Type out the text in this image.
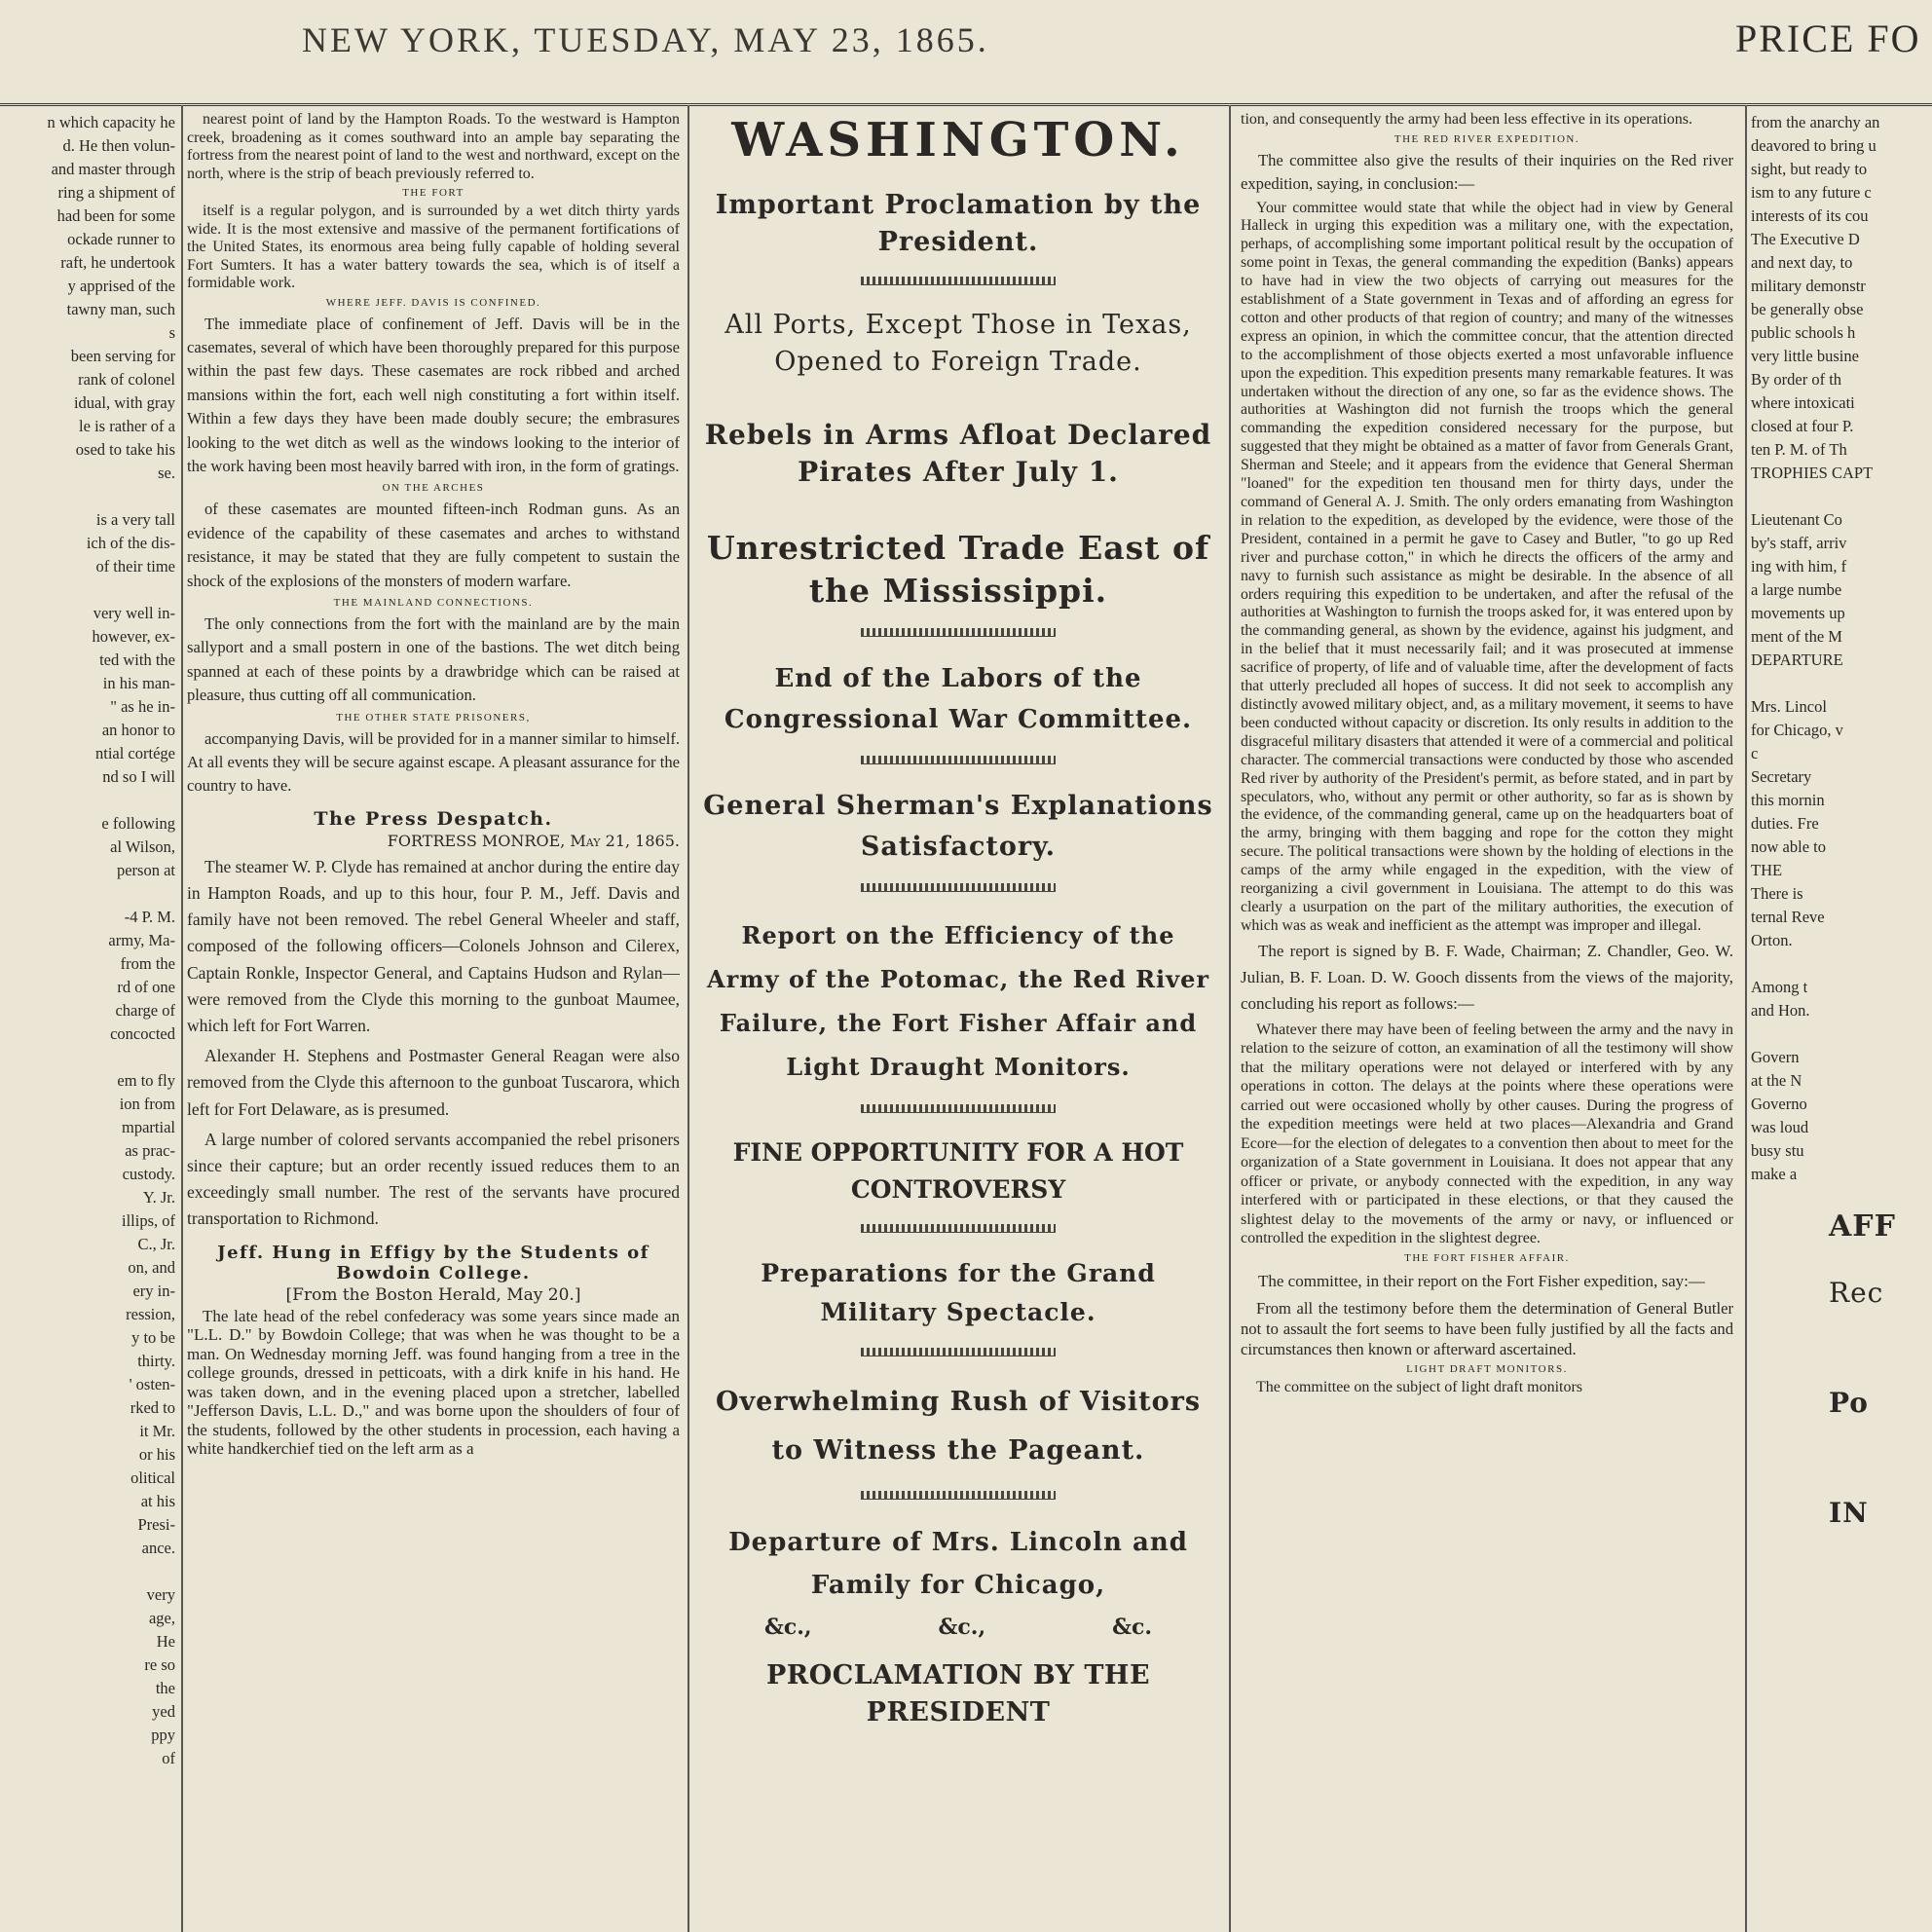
NEW YORK, TUESDAY, MAY 23, 1865.	PRICE FO

n which capacity he

d. He then volun-

and master through

ring a shipment of

had been for some

ockade runner to

raft, he undertook

y apprised of the

tawny man, such

s

been serving for

rank of colonel

idual, with gray

le is rather of a

osed to take his

se.

is a very tall

ich of the dis-

of their time

very well in-

however, ex-

ted with the

in his man-

" as he in-

an honor to

ntial cortége

nd so I will

e following

al Wilson,

person at

-4 P. M.

army, Ma-

from the

rd of one

charge of

concocted

em to fly

ion from

mpartial

as prac-

custody.

Y. Jr.

illips, of

C., Jr.

on, and

ery in-

ression,

y to be

thirty.

' osten-

rked to

it Mr.

or his

olitical

at his

Presi-

ance.

very

age,

He

re so

the

yed

ppy

of

nearest point of land by the Hampton Roads. To the westward is Hampton creek, broadening as it comes southward into an ample bay separating the fortress from the nearest point of land to the west and northward, except on the north, where is the strip of beach previously referred to.

THE FORT

itself is a regular polygon, and is surrounded by a wet ditch thirty yards wide. It is the most extensive and massive of the permanent fortifications of the United States, its enormous area being fully capable of holding several Fort Sumters. It has a water battery towards the sea, which is of itself a formidable work.

WHERE JEFF. DAVIS IS CONFINED.

The immediate place of confinement of Jeff. Davis will be in the casemates, several of which have been thoroughly prepared for this purpose within the past few days. These casemates are rock ribbed and arched mansions within the fort, each well nigh constituting a fort within itself. Within a few days they have been made doubly secure; the embrasures looking to the wet ditch as well as the windows looking to the interior of the work having been most heavily barred with iron, in the form of gratings.

ON THE ARCHES

of these casemates are mounted fifteen-inch Rodman guns. As an evidence of the capability of these casemates and arches to withstand resistance, it may be stated that they are fully competent to sustain the shock of the explosions of the monsters of modern warfare.

THE MAINLAND CONNECTIONS.

The only connections from the fort with the mainland are by the main sallyport and a small postern in one of the bastions. The wet ditch being spanned at each of these points by a drawbridge which can be raised at pleasure, thus cutting off all communication.

THE OTHER STATE PRISONERS,

accompanying Davis, will be provided for in a manner similar to himself. At all events they will be secure against escape. A pleasant assurance for the country to have.

The Press Despatch.
FORTRESS MONROE, May 21, 1865.

The steamer W. P. Clyde has remained at anchor during the entire day in Hampton Roads, and up to this hour, four P. M., Jeff. Davis and family have not been removed. The rebel General Wheeler and staff, composed of the following officers—Colonels Johnson and Cilerex, Captain Ronkle, Inspector General, and Captains Hudson and Rylan—were removed from the Clyde this morning to the gunboat Maumee, which left for Fort Warren.

Alexander H. Stephens and Postmaster General Reagan were also removed from the Clyde this afternoon to the gunboat Tuscarora, which left for Fort Delaware, as is presumed.

A large number of colored servants accompanied the rebel prisoners since their capture; but an order recently issued reduces them to an exceedingly small number. The rest of the servants have procured transportation to Richmond.

Jeff. Hung in Effigy by the Students of Bowdoin College.
[From the Boston Herald, May 20.]

The late head of the rebel confederacy was some years since made an "L.L. D." by Bowdoin College; that was when he was thought to be a man. On Wednesday morning Jeff. was found hanging from a tree in the college grounds, dressed in petticoats, with a dirk knife in his hand. He was taken down, and in the evening placed upon a stretcher, labelled "Jefferson Davis, L.L. D.," and was borne upon the shoulders of four of the students, followed by the other students in procession, each having a white handkerchief tied on the left arm as a

WASHINGTON.
Important Proclamation by the President.
All Ports, Except Those in Texas, Opened to Foreign Trade.
Rebels in Arms Afloat Declared Pirates After July 1.
Unrestricted Trade East of the Mississippi.
End of the Labors of the Congressional War Committee.
General Sherman's Explanations Satisfactory.
Report on the Efficiency of the Army of the Potomac, the Red River Failure, the Fort Fisher Affair and Light Draught Monitors.
FINE OPPORTUNITY FOR A HOT CONTROVERSY
Preparations for the Grand Military Spectacle.
Overwhelming Rush of Visitors to Witness the Pageant.
Departure of Mrs. Lincoln and Family for Chicago,
&c.,	&c.,	&c.
PROCLAMATION BY THE PRESIDENT

tion, and consequently the army had been less effective in its operations.

THE RED RIVER EXPEDITION.

The committee also give the results of their inquiries on the Red river expedition, saying, in conclusion:—

Your committee would state that while the object had in view by General Halleck in urging this expedition was a military one, with the expectation, perhaps, of accomplishing some important political result by the occupation of some point in Texas, the general commanding the expedition (Banks) appears to have had in view the two objects of carrying out measures for the establishment of a State government in Texas and of affording an egress for cotton and other products of that region of country; and many of the witnesses express an opinion, in which the committee concur, that the attention directed to the accomplishment of those objects exerted a most unfavorable influence upon the expedition. This expedition presents many remarkable features. It was undertaken without the direction of any one, so far as the evidence shows. The authorities at Washington did not furnish the troops which the general commanding the expedition considered necessary for the purpose, but suggested that they might be obtained as a matter of favor from Generals Grant, Sherman and Steele; and it appears from the evidence that General Sherman "loaned" for the expedition ten thousand men for thirty days, under the command of General A. J. Smith. The only orders emanating from Washington in relation to the expedition, as developed by the evidence, were those of the President, contained in a permit he gave to Casey and Butler, "to go up Red river and purchase cotton," in which he directs the officers of the army and navy to furnish such assistance as might be desirable. In the absence of all orders requiring this expedition to be undertaken, and after the refusal of the authorities at Washington to furnish the troops asked for, it was entered upon by the commanding general, as shown by the evidence, against his judgment, and in the belief that it must necessarily fail; and it was prosecuted at immense sacrifice of property, of life and of valuable time, after the development of facts that utterly precluded all hopes of success. It did not seek to accomplish any distinctly avowed military object, and, as a military movement, it seems to have been conducted without capacity or discretion. Its only results in addition to the disgraceful military disasters that attended it were of a commercial and political character. The commercial transactions were conducted by those who ascended Red river by authority of the President's permit, as before stated, and in part by speculators, who, without any permit or other authority, so far as is shown by the evidence, of the commanding general, came up on the headquarters boat of the army, bringing with them bagging and rope for the cotton they might secure. The political transactions were shown by the holding of elections in the camps of the army while engaged in the expedition, with the view of reorganizing a civil government in Louisiana. The attempt to do this was clearly a usurpation on the part of the military authorities, the execution of which was as weak and inefficient as the attempt was improper and illegal.

The report is signed by B. F. Wade, Chairman; Z. Chandler, Geo. W. Julian, B. F. Loan. D. W. Gooch dissents from the views of the majority, concluding his report as follows:—

Whatever there may have been of feeling between the army and the navy in relation to the seizure of cotton, an examination of all the testimony will show that the military operations were not delayed or interfered with by any operations in cotton. The delays at the points where these operations were carried out were occasioned wholly by other causes. During the progress of the expedition meetings were held at two places—Alexandria and Grand Ecore—for the election of delegates to a convention then about to meet for the organization of a State government in Louisiana. It does not appear that any officer or private, or anybody connected with the expedition, in any way interfered with or participated in these elections, or that they caused the slightest delay to the movements of the army or navy, or influenced or controlled the expedition in the slightest degree.

THE FORT FISHER AFFAIR.

The committee, in their report on the Fort Fisher expedition, say:—

From all the testimony before them the determination of General Butler not to assault the fort seems to have been fully justified by all the facts and circumstances then known or afterward ascertained.

LIGHT DRAFT MONITORS.

The committee on the subject of light draft monitors

from the anarchy an

deavored to bring u

sight, but ready to

ism to any future c

interests of its cou

The Executive D

and next day, to

military demonstr

be generally obse

public schools h

very little busine

By order of th

where intoxicati

closed at four P.

ten P. M. of Th

TROPHIES CAPT

Lieutenant Co

by's staff, arriv

ing with him, f

a large numbe

movements up

ment of the M

DEPARTURE

Mrs. Lincol

for Chicago, v

c

Secretary

this mornin

duties. Fre

now able to

THE

There is

ternal Reve

Orton.

Among t

and Hon.

Govern

at the N

Governo

was loud

busy stu

make a

AFF
Rec
Po
IN
